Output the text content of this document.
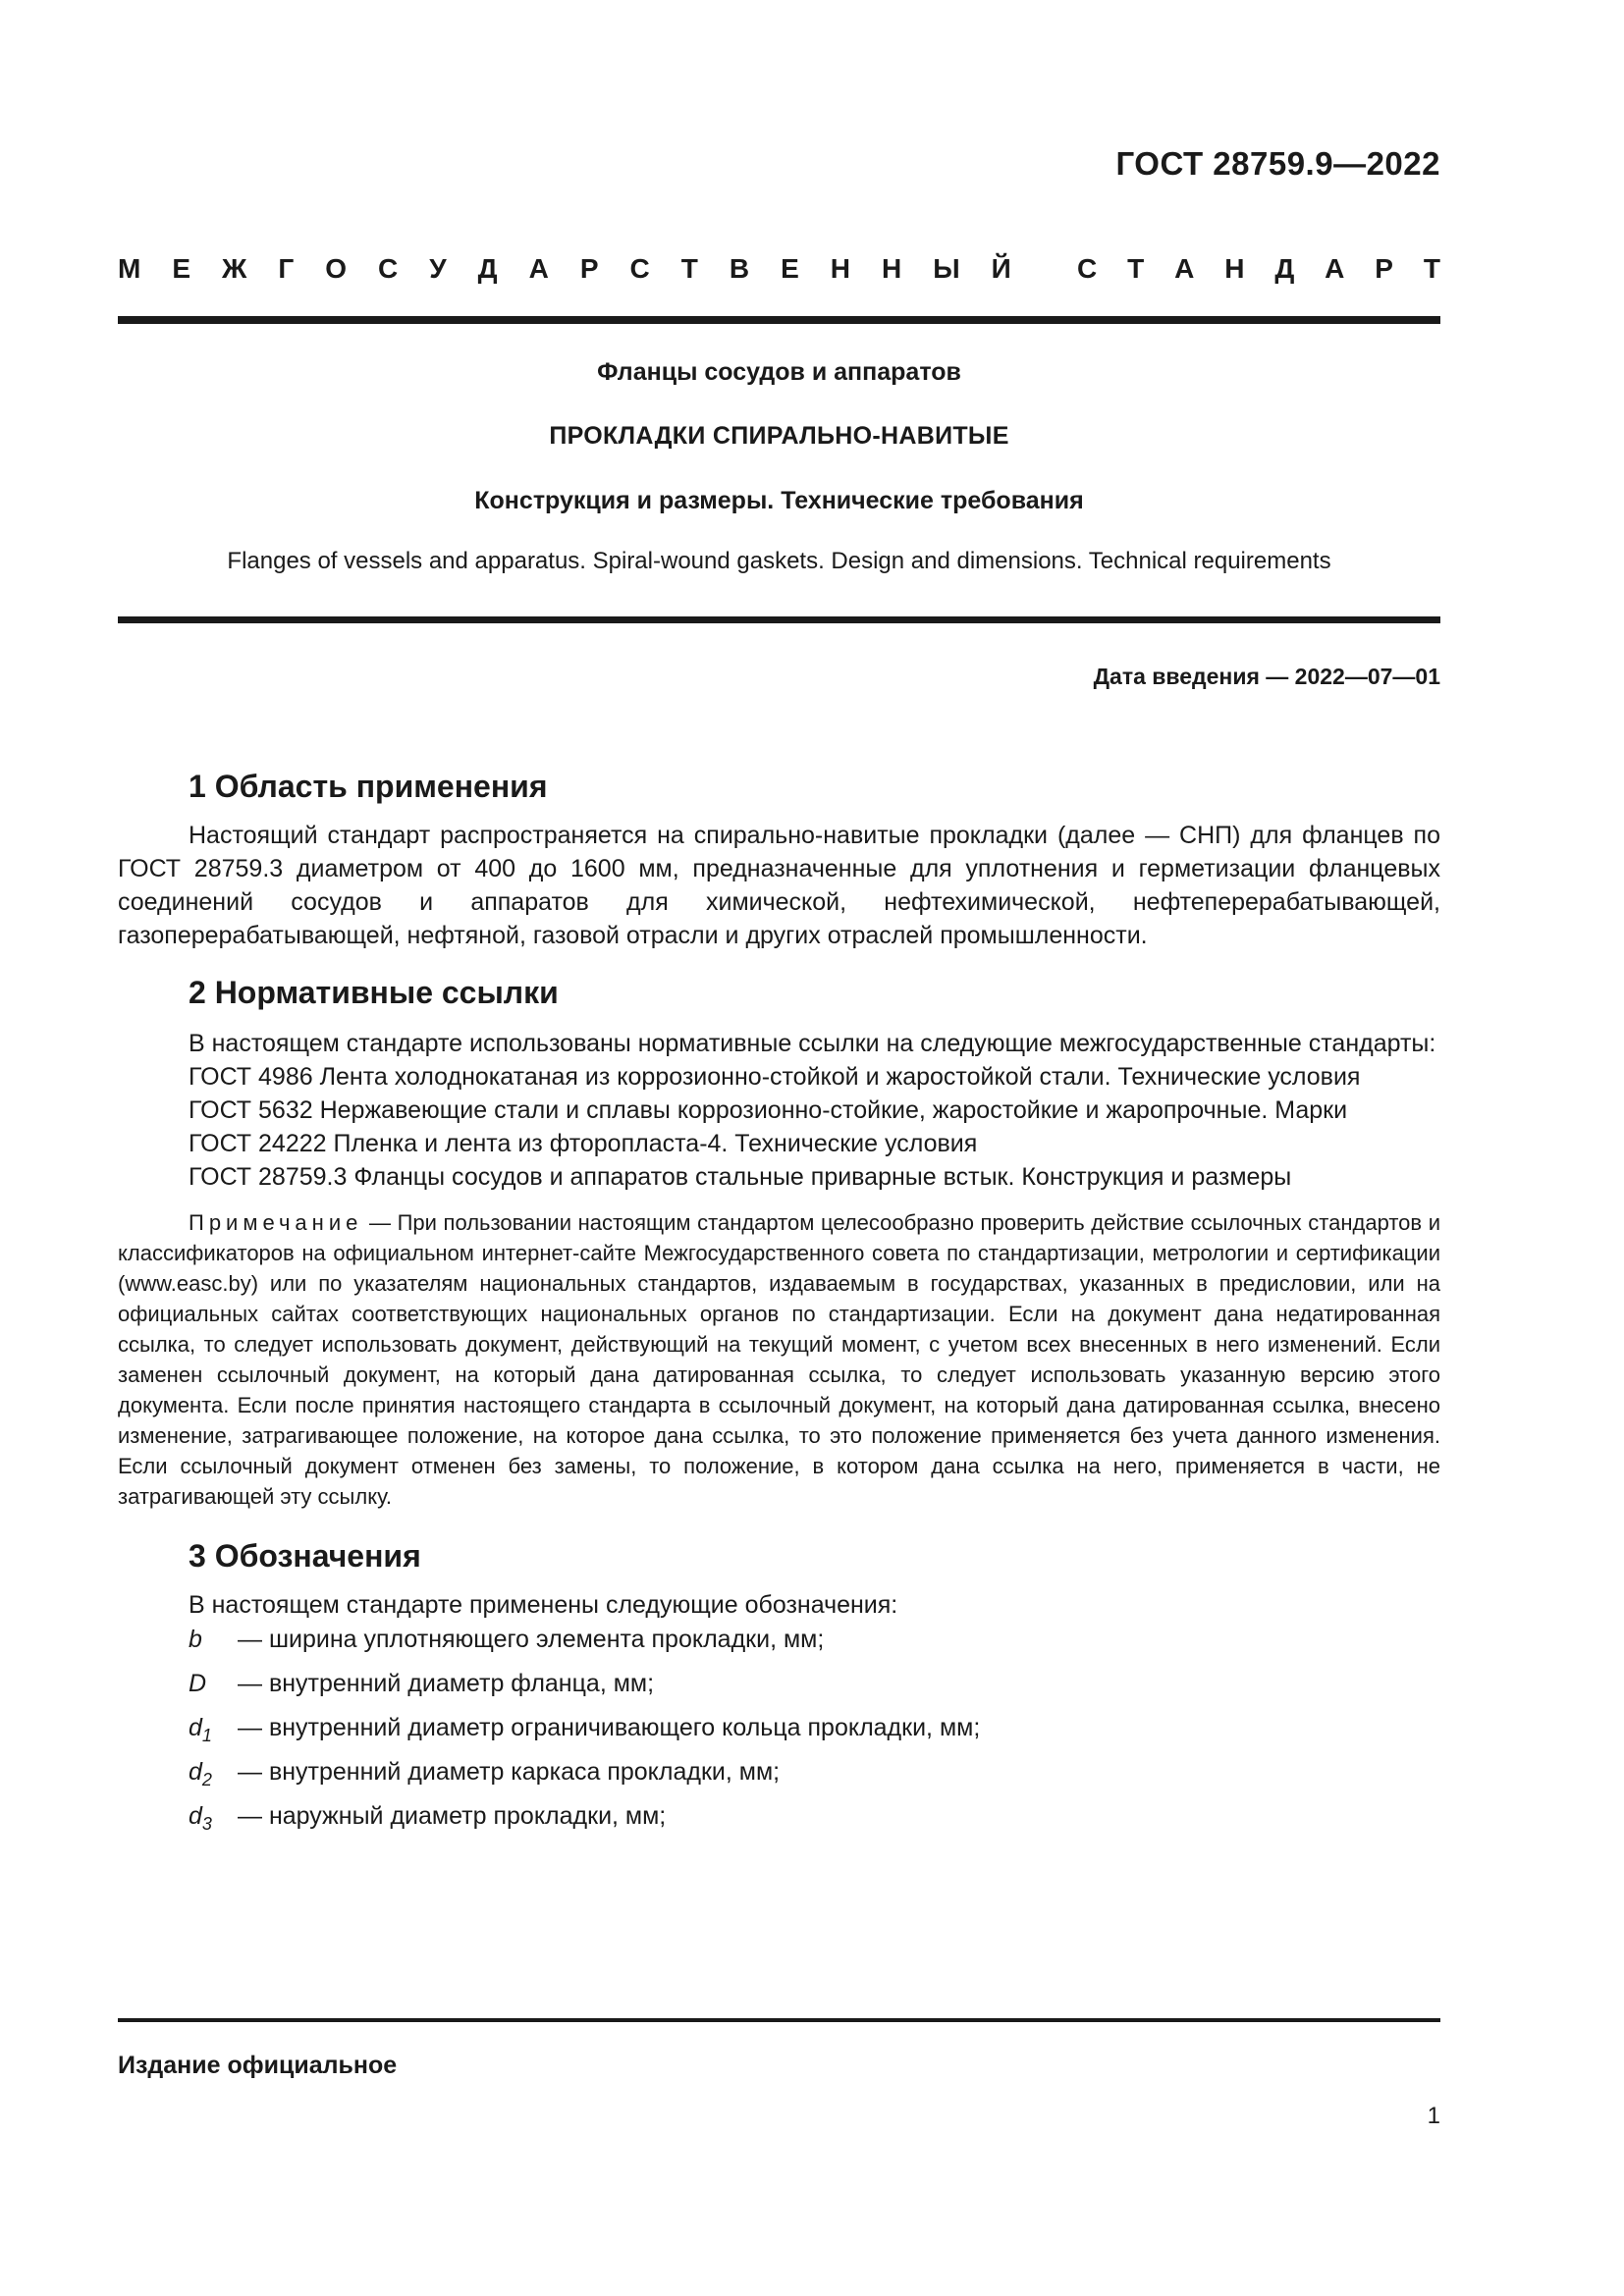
ГОСТ 28759.9—2022
М Е Ж Г О С У Д А Р С Т В Е Н Н Ы Й С Т А Н Д А Р Т
Фланцы сосудов и аппаратов
ПРОКЛАДКИ СПИРАЛЬНО-НАВИТЫЕ
Конструкция и размеры. Технические требования
Flanges of vessels and apparatus. Spiral-wound gaskets. Design and dimensions. Technical requirements
Дата введения — 2022—07—01
1 Область применения

Настоящий стандарт распространяется на спирально-навитые прокладки (далее — СНП) для фланцев по ГОСТ 28759.3 диаметром от 400 до 1600 мм, предназначенные для уплотнения и герметизации фланцевых соединений сосудов и аппаратов для химической, нефтехимической, нефтеперерабатывающей, газоперерабатывающей, нефтяной, газовой отрасли и других отраслей промышленности.

2 Нормативные ссылки

В настоящем стандарте использованы нормативные ссылки на следующие межгосударственные стандарты:

ГОСТ 4986 Лента холоднокатаная из коррозионно-стойкой и жаростойкой стали. Технические условия

ГОСТ 5632 Нержавеющие стали и сплавы коррозионно-стойкие, жаростойкие и жаропрочные. Марки

ГОСТ 24222 Пленка и лента из фторопласта-4. Технические условия

ГОСТ 28759.3 Фланцы сосудов и аппаратов стальные приварные встык. Конструкция и размеры

Примечание — При пользовании настоящим стандартом целесообразно проверить действие ссылочных стандартов и классификаторов на официальном интернет-сайте Межгосударственного совета по стандартизации, метрологии и сертификации (www.easc.by) или по указателям национальных стандартов, издаваемым в государствах, указанных в предисловии, или на официальных сайтах соответствующих национальных органов по стандартизации. Если на документ дана недатированная ссылка, то следует использовать документ, действующий на текущий момент, с учетом всех внесенных в него изменений. Если заменен ссылочный документ, на который дана датированная ссылка, то следует использовать указанную версию этого документа. Если после принятия настоящего стандарта в ссылочный документ, на который дана датированная ссылка, внесено изменение, затрагивающее положение, на которое дана ссылка, то это положение применяется без учета данного изменения. Если ссылочный документ отменен без замены, то положение, в котором дана ссылка на него, применяется в части, не затрагивающей эту ссылку.
3 Обозначения

В настоящем стандарте применены следующие обозначения:

b	— ширина уплотняющего элемента прокладки, мм;
D	— внутренний диаметр фланца, мм;
$d_1$	— внутренний диаметр ограничивающего кольца прокладки, мм;
$d_2$	— внутренний диаметр каркаса прокладки, мм;
$d_3$	— наружный диаметр прокладки, мм;
Издание официальное
1
